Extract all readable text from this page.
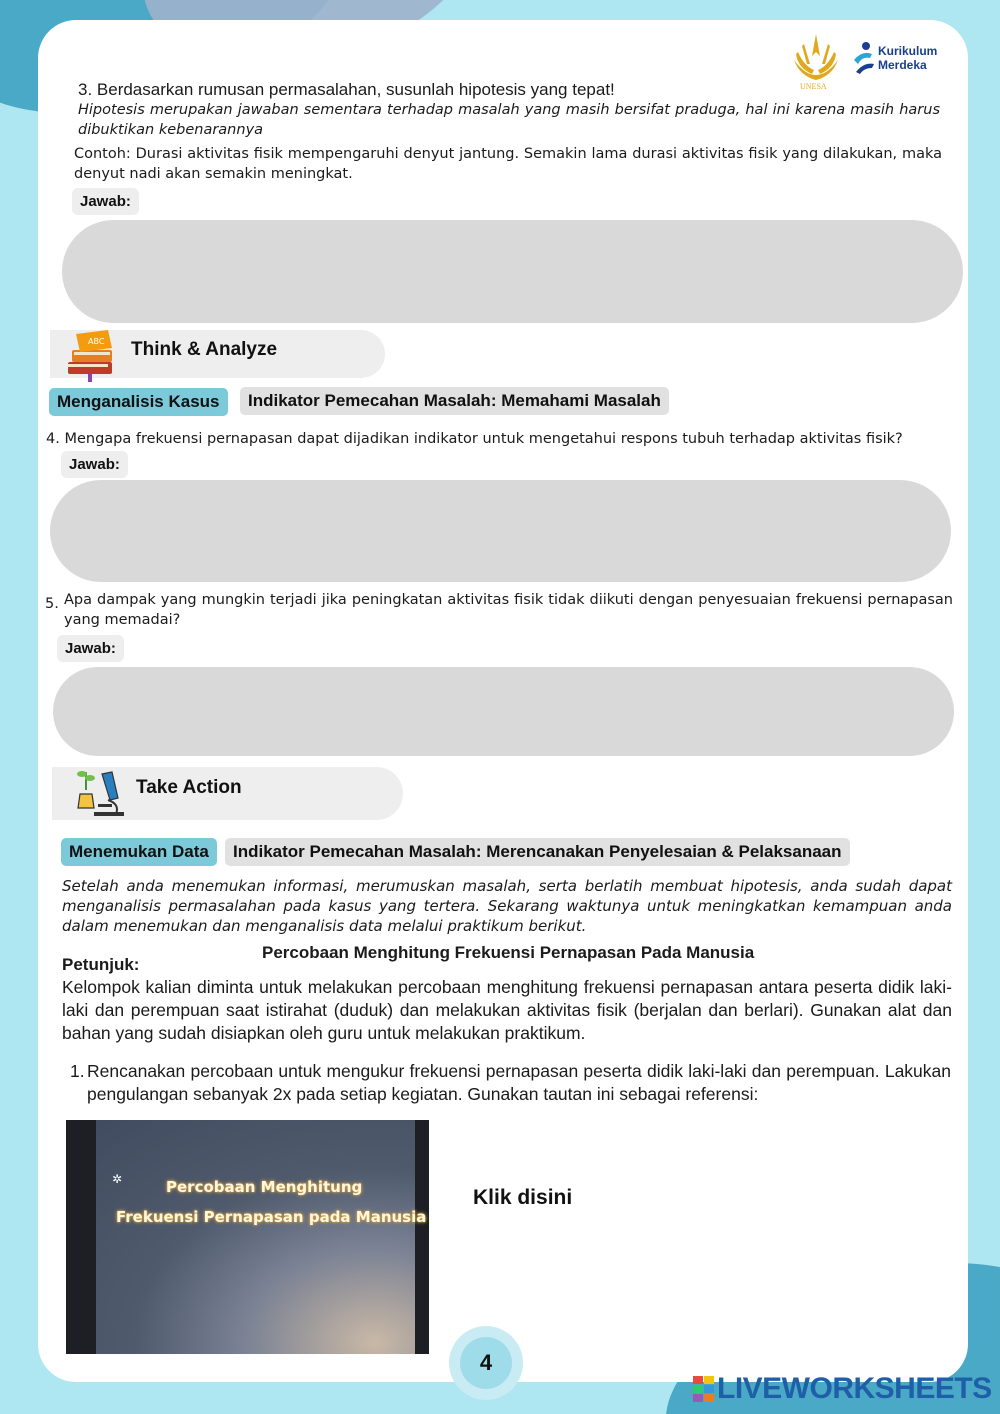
UNESA
Kurikulum
Merdeka
3. Berdasarkan rumusan permasalahan, susunlah hipotesis yang tepat!
Hipotesis merupakan jawaban sementara terhadap masalah yang masih bersifat praduga, hal ini karena masih harus dibuktikan kebenarannya
Contoh: Durasi aktivitas fisik mempengaruhi denyut jantung. Semakin lama durasi aktivitas fisik yang dilakukan, maka denyut nadi akan semakin meningkat.
Jawab:
ABC Think & Analyze
Menganalisis Kasus	Indikator Pemecahan Masalah: Memahami Masalah
4. Mengapa frekuensi pernapasan dapat dijadikan indikator untuk mengetahui respons tubuh terhadap aktivitas fisik?
Jawab:
5. Apa dampak yang mungkin terjadi jika peningkatan aktivitas fisik tidak diikuti dengan penyesuaian frekuensi pernapasan yang memadai?
Jawab:
Take Action
Menemukan Data	Indikator Pemecahan Masalah: Merencanakan Penyelesaian & Pelaksanaan
Setelah anda menemukan informasi, merumuskan masalah, serta berlatih membuat hipotesis, anda sudah dapat menganalisis permasalahan pada kasus yang tertera. Sekarang waktunya untuk meningkatkan kemampuan anda dalam menemukan dan menganalisis data melalui praktikum berikut.
Percobaan Menghitung Frekuensi Pernapasan Pada Manusia
Petunjuk:
Kelompok kalian diminta untuk melakukan percobaan menghitung frekuensi pernapasan antara peserta didik laki-laki dan perempuan saat istirahat (duduk) dan melakukan aktivitas fisik (berjalan dan berlari). Gunakan alat dan bahan yang sudah disiapkan oleh guru untuk melakukan praktikum.
1. Rencanakan percobaan untuk mengukur frekuensi pernapasan peserta didik laki-laki dan perempuan. Lakukan pengulangan sebanyak 2x pada setiap kegiatan. Gunakan tautan ini sebagai referensi:
✲	Percobaan Menghitung
Frekuensi Pernapasan pada Manusia
Klik disini
4
LIVEWORKSHEETS
